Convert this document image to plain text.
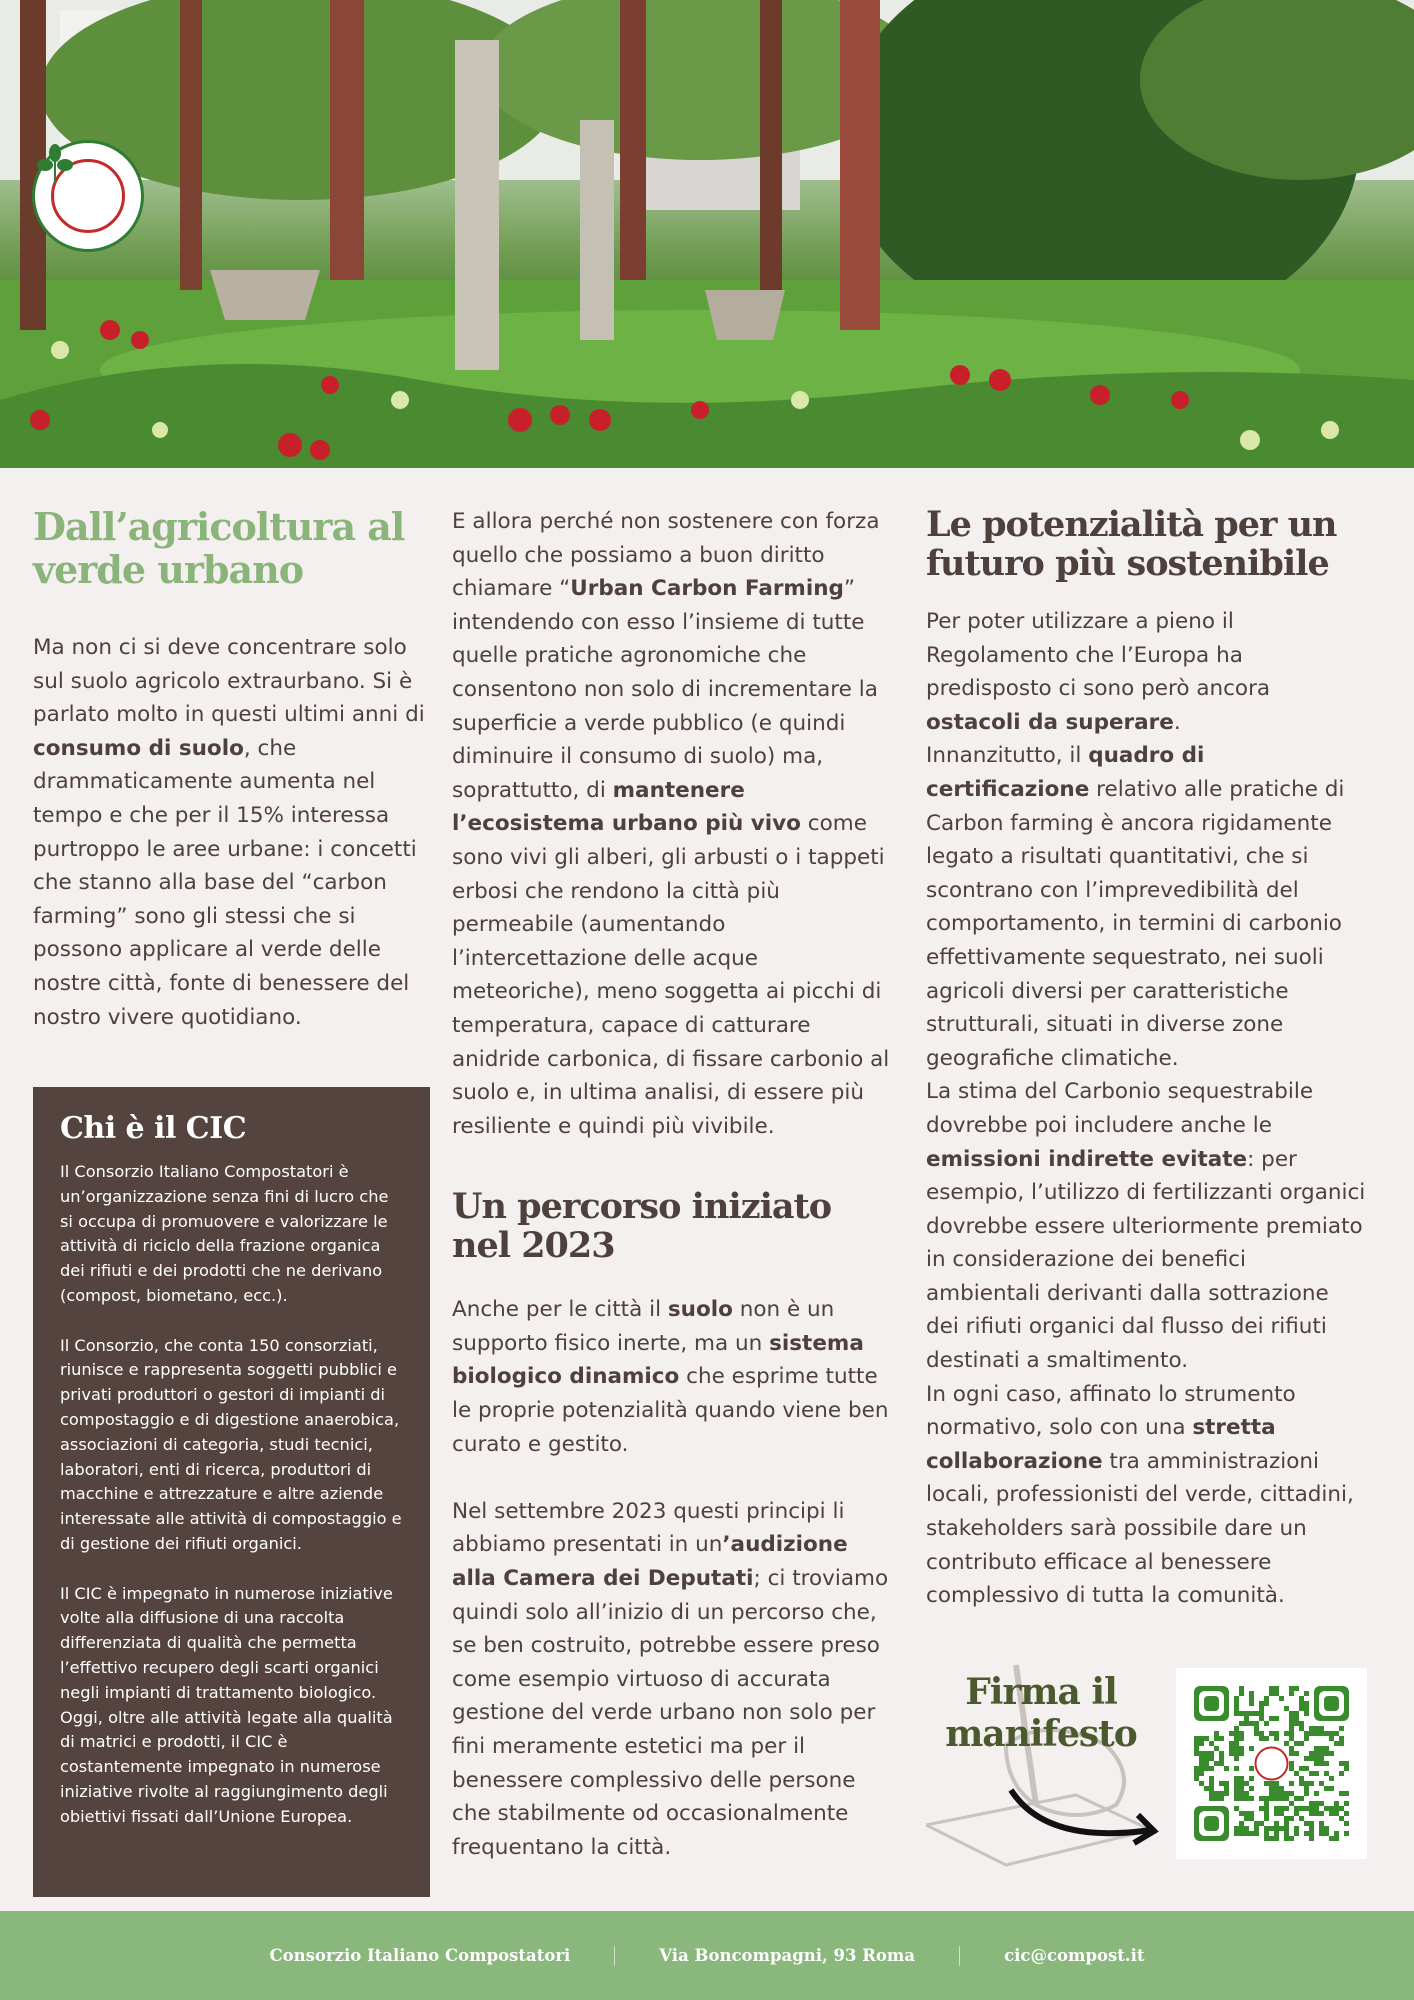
Dall’agricoltura al verde urbano

Ma non ci si deve concentrare solo sul suolo agricolo extraurbano. Si è parlato molto in questi ultimi anni di consumo di suolo, che drammaticamente aumenta nel tempo e che per il 15% interessa purtroppo le aree urbane: i concetti che stanno alla base del “carbon farming” sono gli stessi che si possono applicare al verde delle nostre città, fonte di benessere del nostro vivere quotidiano.

Chi è il CIC

Il Consorzio Italiano Compostatori è un’organizzazione senza fini di lucro che si occupa di promuovere e valorizzare le attività di riciclo della frazione organica dei rifiuti e dei prodotti che ne derivano (compost, biometano, ecc.).

Il Consorzio, che conta 150 consorziati, riunisce e rappresenta soggetti pubblici e privati produttori o gestori di impianti di compostaggio e di digestione anaerobica, associazioni di categoria, studi tecnici, laboratori, enti di ricerca, produttori di macchine e attrezzature e altre aziende interessate alle attività di compostaggio e di gestione dei rifiuti organici.

Il CIC è impegnato in numerose iniziative volte alla diffusione di una raccolta differenziata di qualità che permetta l’effettivo recupero degli scarti organici negli impianti di trattamento biologico. Oggi, oltre alle attività legate alla qualità di matrici e prodotti, il CIC è costantemente impegnato in numerose iniziative rivolte al raggiungimento degli obiettivi fissati dall’Unione Europea.

E allora perché non sostenere con forza quello che possiamo a buon diritto chiamare “Urban Carbon Farming” intendendo con esso l’insieme di tutte quelle pratiche agronomiche che consentono non solo di incrementare la superficie a verde pubblico (e quindi diminuire il consumo di suolo) ma, soprattutto, di mantenere l’ecosistema urbano più vivo come sono vivi gli alberi, gli arbusti o i tappeti erbosi che rendono la città più permeabile (aumentando l’intercettazione delle acque meteoriche), meno soggetta ai picchi di temperatura, capace di catturare anidride carbonica, di fissare carbonio al suolo e, in ultima analisi, di essere più resiliente e quindi più vivibile.

Un percorso iniziato nel 2023

Anche per le città il suolo non è un supporto fisico inerte, ma un sistema biologico dinamico che esprime tutte le proprie potenzialità quando viene ben curato e gestito.

Nel settembre 2023 questi principi li abbiamo presentati in un’audizione alla Camera dei Deputati; ci troviamo quindi solo all’inizio di un percorso che, se ben costruito, potrebbe essere preso come esempio virtuoso di accurata gestione del verde urbano non solo per fini meramente estetici ma per il benessere complessivo delle persone che stabilmente od occasionalmente frequentano la città.

Le potenzialità per un futuro più sostenibile

Per poter utilizzare a pieno il Regolamento che l’Europa ha predisposto ci sono però ancora ostacoli da superare.
Innanzitutto, il quadro di certificazione relativo alle pratiche di Carbon farming è ancora rigidamente legato a risultati quantitativi, che si scontrano con l’imprevedibilità del comportamento, in termini di carbonio effettivamente sequestrato, nei suoli agricoli diversi per caratteristiche strutturali, situati in diverse zone geografiche climatiche.
La stima del Carbonio sequestrabile dovrebbe poi includere anche le emissioni indirette evitate: per esempio, l’utilizzo di fertilizzanti organici dovrebbe essere ulteriormente premiato in considerazione dei benefici ambientali derivanti dalla sottrazione dei rifiuti organici dal flusso dei rifiuti destinati a smaltimento.
In ogni caso, affinato lo strumento normativo, solo con una stretta collaborazione tra amministrazioni locali, professionisti del verde, cittadini, stakeholders sarà possibile dare un contributo efficace al benessere complessivo di tutta la comunità.

Firma il manifesto
Consorzio Italiano Compostatori	Via Boncompagni, 93 Roma	cic@compost.it
